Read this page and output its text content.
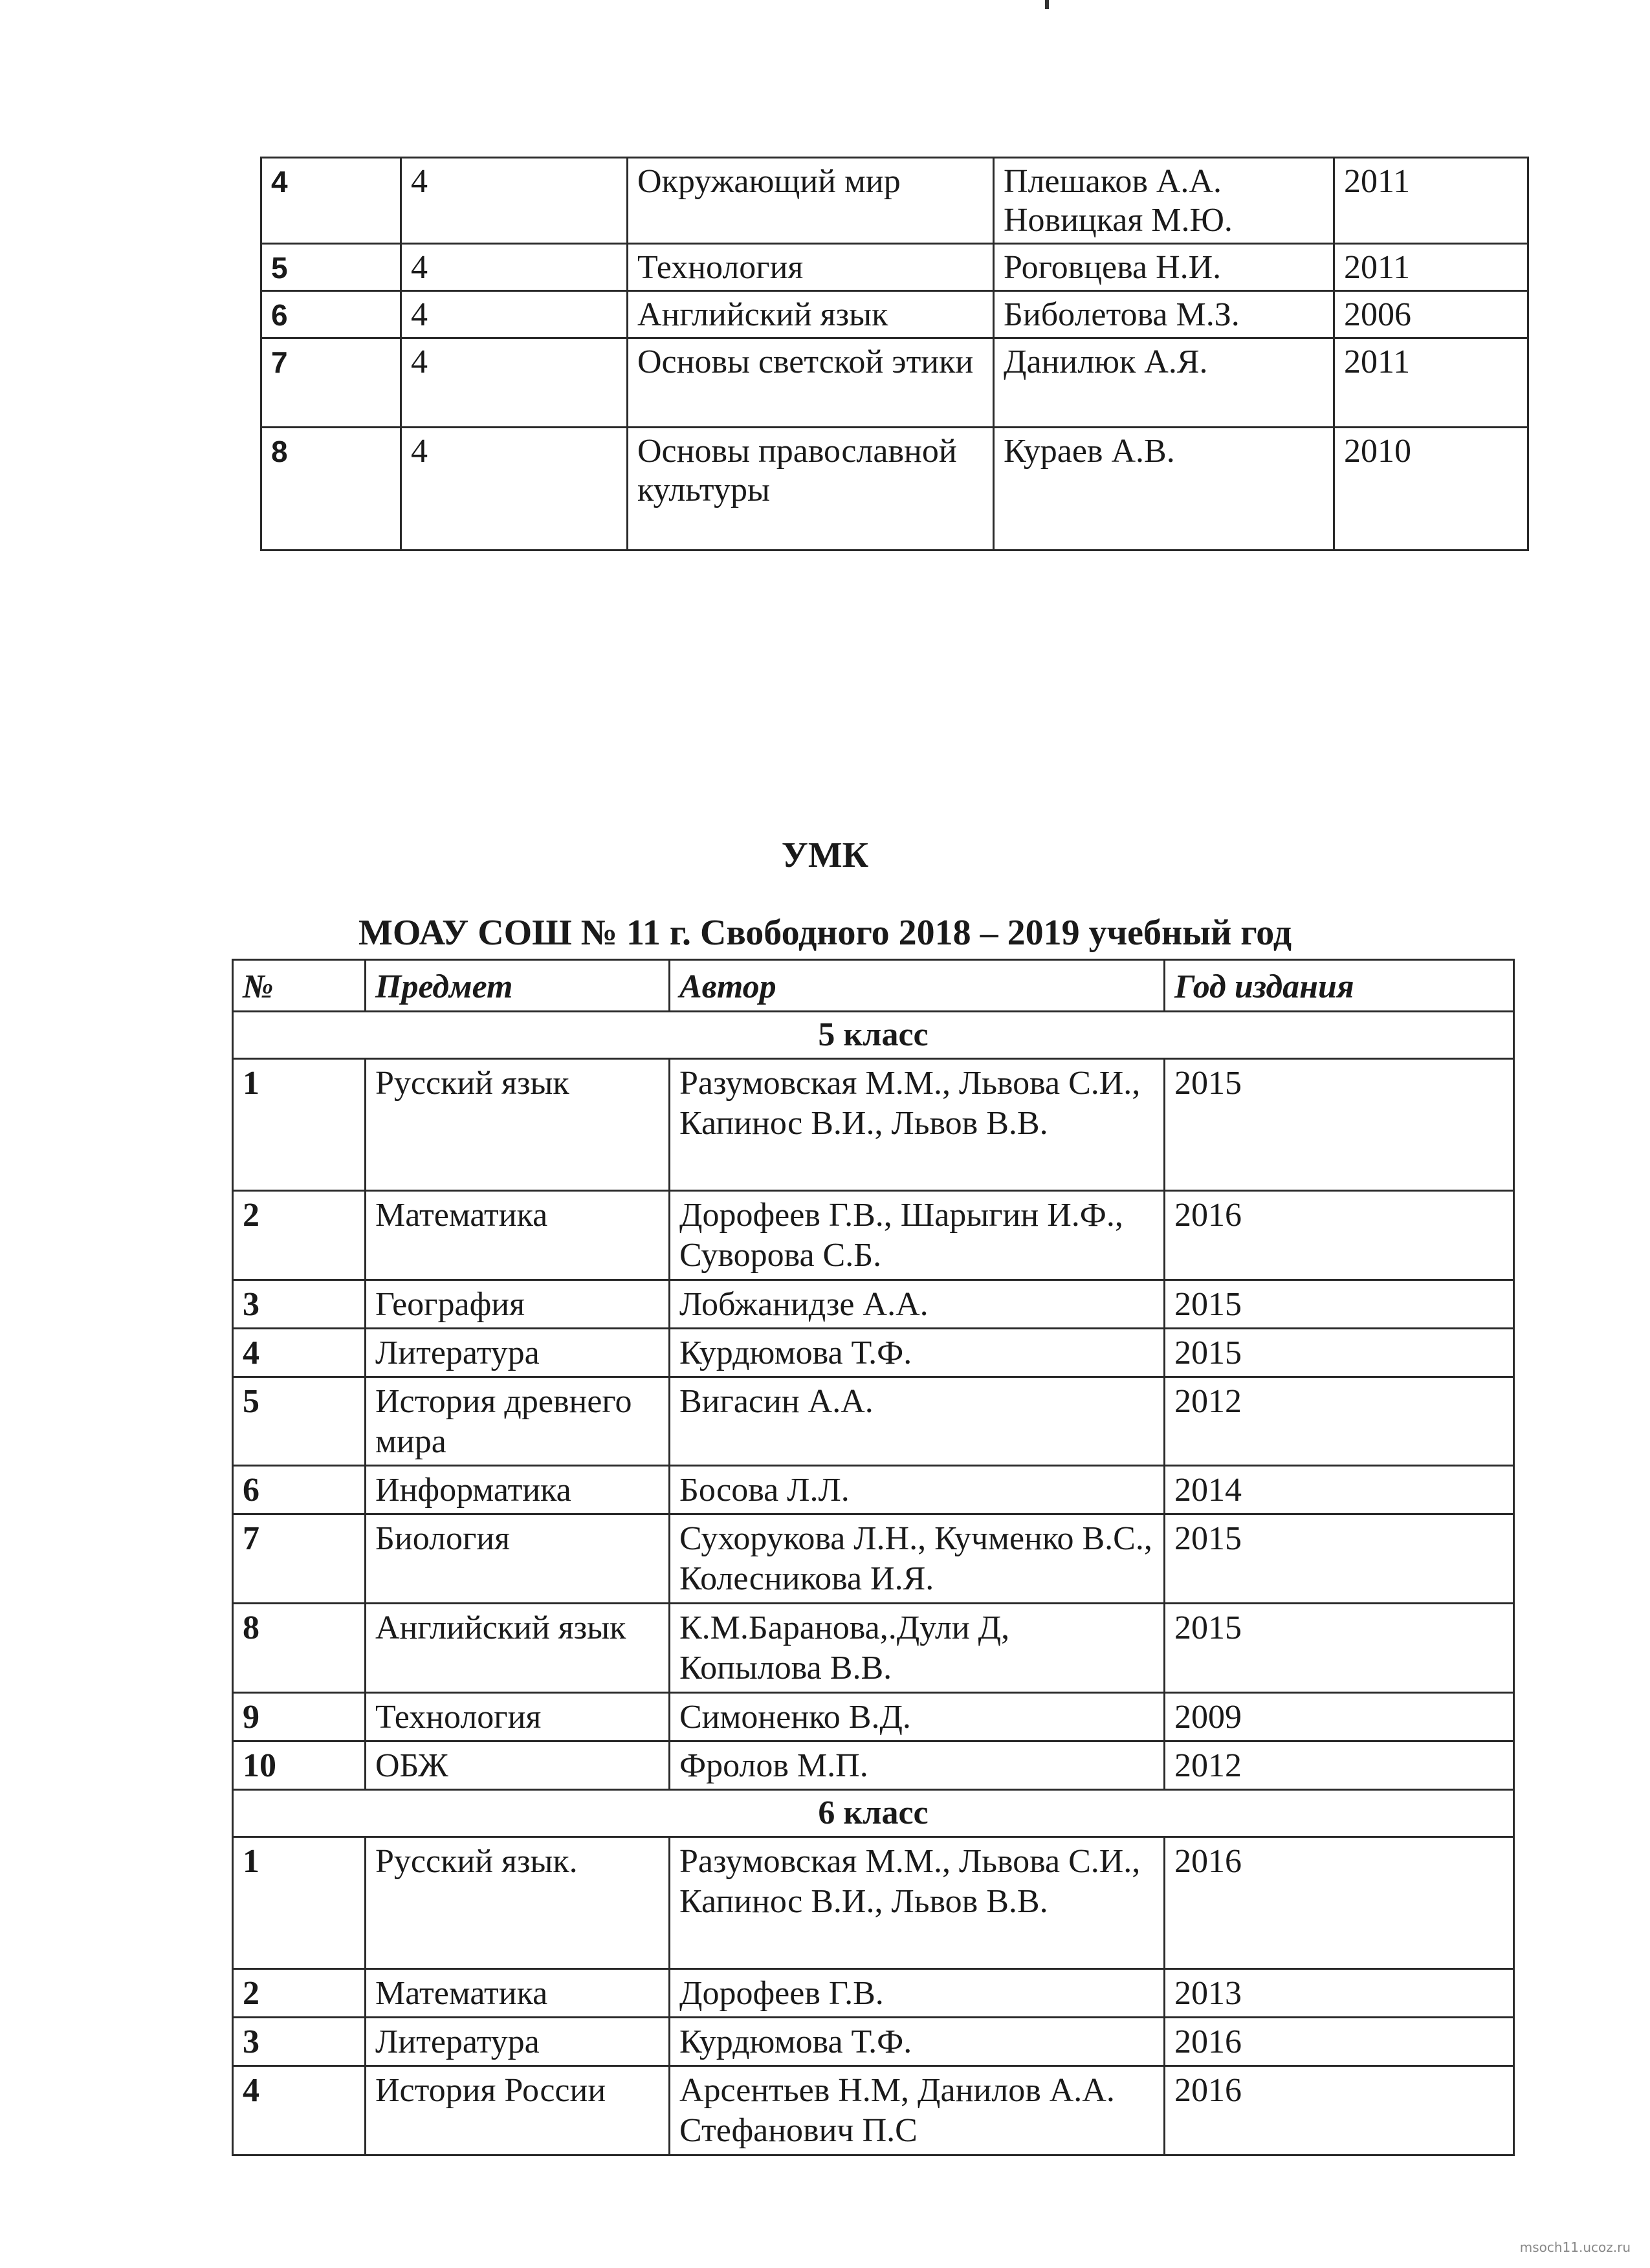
4	4	Окружающий мир	Плешаков А.А. Новицкая М.Ю.	2011
5	4	Технология	Роговцева Н.И.	2011
6	4	Английский язык	Биболетова М.З.	2006
7	4	Основы светской этики	Данилюк А.Я.	2011
8	4	Основы православной культуры	Кураев А.В.	2010
УМК
МОАУ СОШ № 11 г. Свободного 2018 – 2019 учебный год
№	Предмет	Автор	Год издания
5 класс			
1	Русский язык	Разумовская М.М., Львова С.И., Капинос В.И., Львов В.В.	2015
2	Математика	Дорофеев Г.В., Шарыгин И.Ф., Суворова С.Б.	2016
3	География	Лобжанидзе А.А.	2015
4	Литература	Курдюмова Т.Ф.	2015
5	История древнего мира	Вигасин А.А.	2012
6	Информатика	Босова Л.Л.	2014
7	Биология	Сухорукова Л.Н., Кучменко В.С., Колесникова И.Я.	2015
8	Английский язык	К.М.Баранова,.Дули Д, Копылова В.В.	2015
9	Технология	Симоненко В.Д.	2009
10	ОБЖ	Фролов М.П.	2012
6 класс			
1	Русский язык.	Разумовская М.М., Львова С.И., Капинос В.И., Львов В.В.	2016
2	Математика	Дорофеев Г.В.	2013
3	Литература	Курдюмова Т.Ф.	2016
4	История России	Арсентьев Н.М, Данилов А.А. Стефанович П.С	2016
msoch11.ucoz.ru
